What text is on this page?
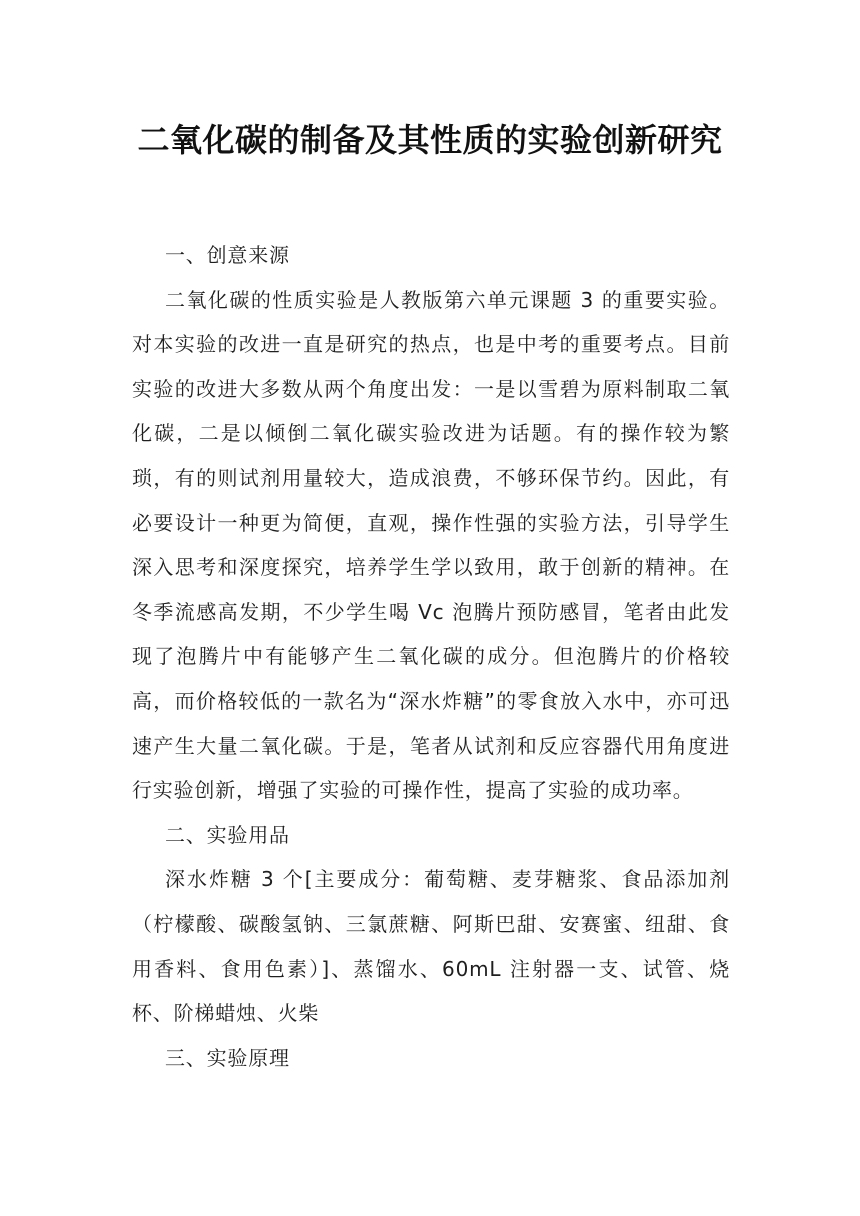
二氧化碳的制备及其性质的实验创新研究

一、创意来源

二氧化碳的性质实验是人教版第六单元课题 3 的重要实验。对本实验的改进一直是研究的热点，也是中考的重要考点。目前实验的改进大多数从两个角度出发：一是以雪碧为原料制取二氧化碳，二是以倾倒二氧化碳实验改进为话题。有的操作较为繁琐，有的则试剂用量较大，造成浪费，不够环保节约。因此，有必要设计一种更为简便，直观，操作性强的实验方法，引导学生深入思考和深度探究，培养学生学以致用，敢于创新的精神。在冬季流感高发期，不少学生喝 Vc 泡腾片预防感冒，笔者由此发现了泡腾片中有能够产生二氧化碳的成分。但泡腾片的价格较高，而价格较低的一款名为“深水炸糖”的零食放入水中，亦可迅速产生大量二氧化碳。于是，笔者从试剂和反应容器代用角度进行实验创新，增强了实验的可操作性，提高了实验的成功率。

二、实验用品

深水炸糖 3 个[主要成分：葡萄糖、麦芽糖浆、食品添加剂（柠檬酸、碳酸氢钠、三氯蔗糖、阿斯巴甜、安赛蜜、纽甜、食用香料、食用色素）]、蒸馏水、60mL 注射器一支、试管、烧杯、阶梯蜡烛、火柴

三、实验原理
